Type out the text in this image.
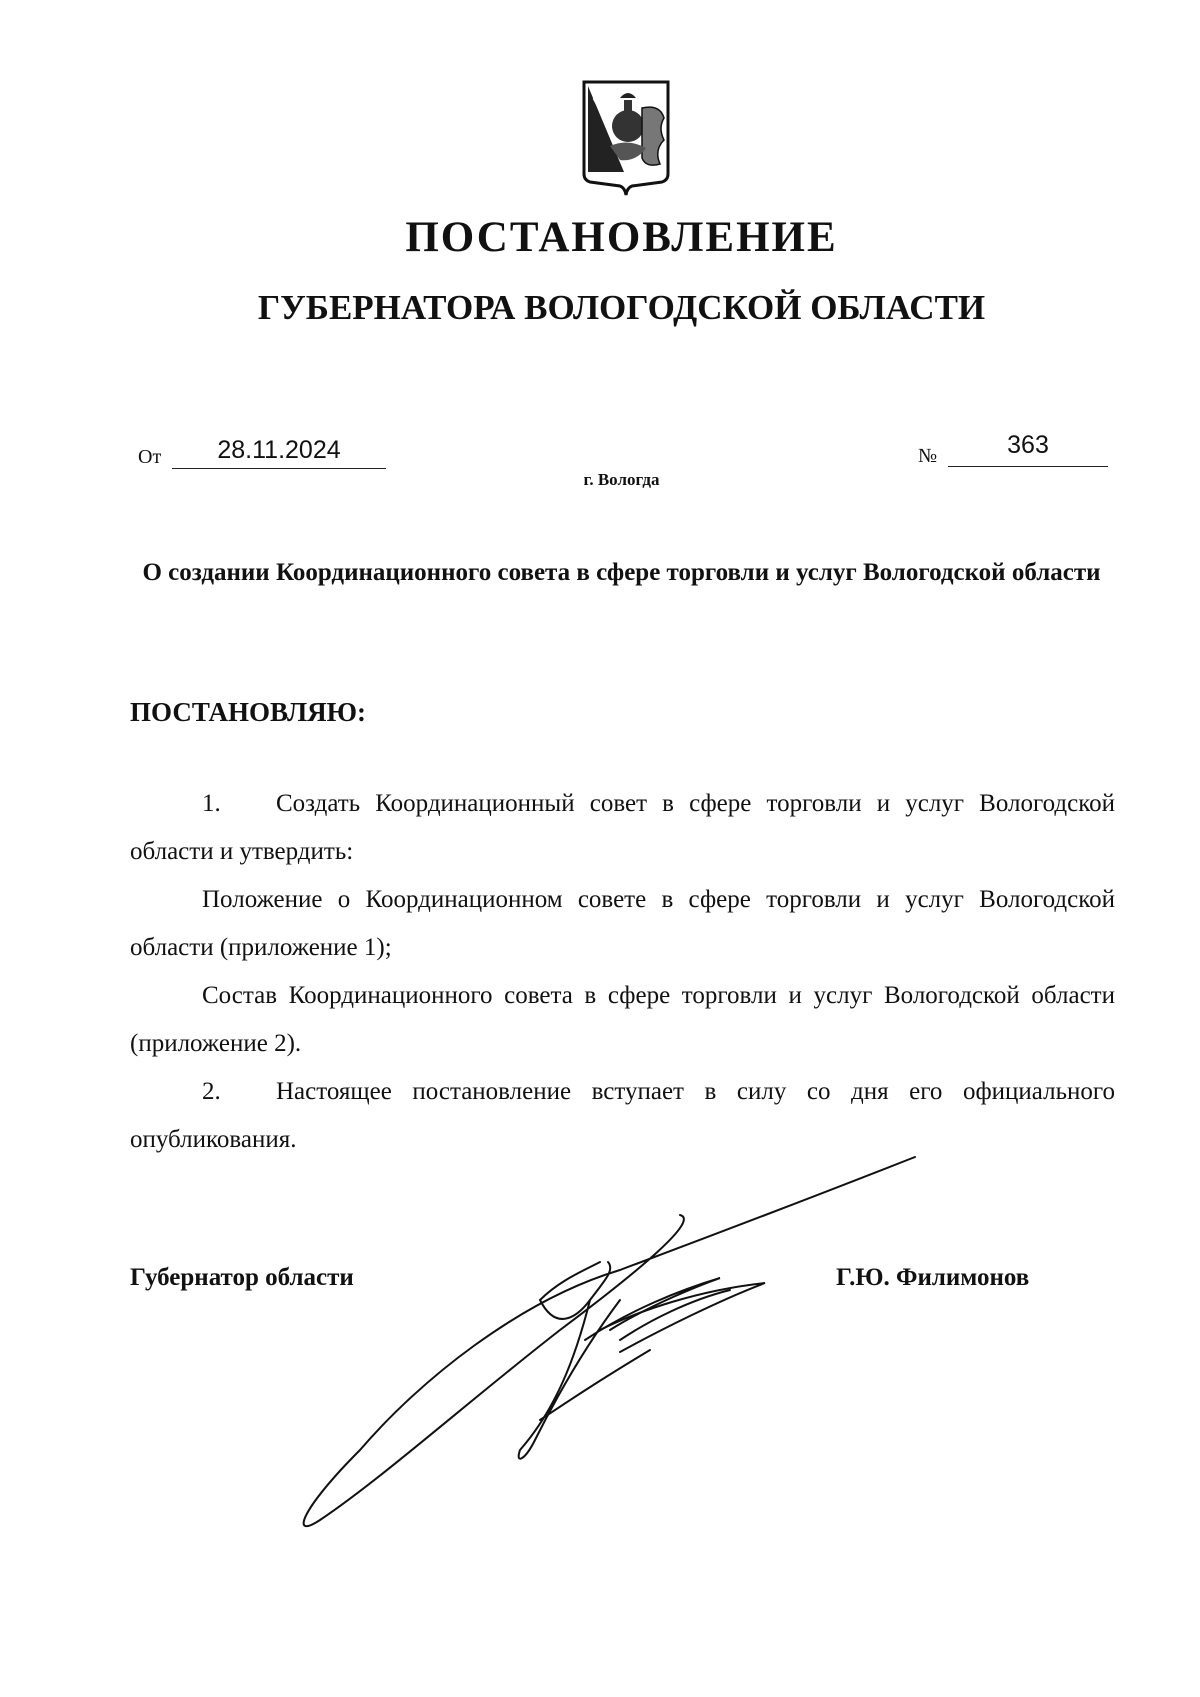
ПОСТАНОВЛЕНИЕ
ГУБЕРНАТОРА ВОЛОГОДСКОЙ ОБЛАСТИ
От	28.11.2024	№	363
г. Вологда
О создании Координационного совета в сфере торговли и услуг Вологодской области
ПОСТАНОВЛЯЮ:

1. Создать Координационный совет в сфере торговли и услуг Вологодской области и утвердить:

Положение о Координационном совете в сфере торговли и услуг Вологодской области (приложение 1);

Состав Координационного совета в сфере торговли и услуг Вологодской области (приложение 2).

2. Настоящее постановление вступает в силу со дня его официального опубликования.

Губернатор области	Г.Ю. Филимонов
